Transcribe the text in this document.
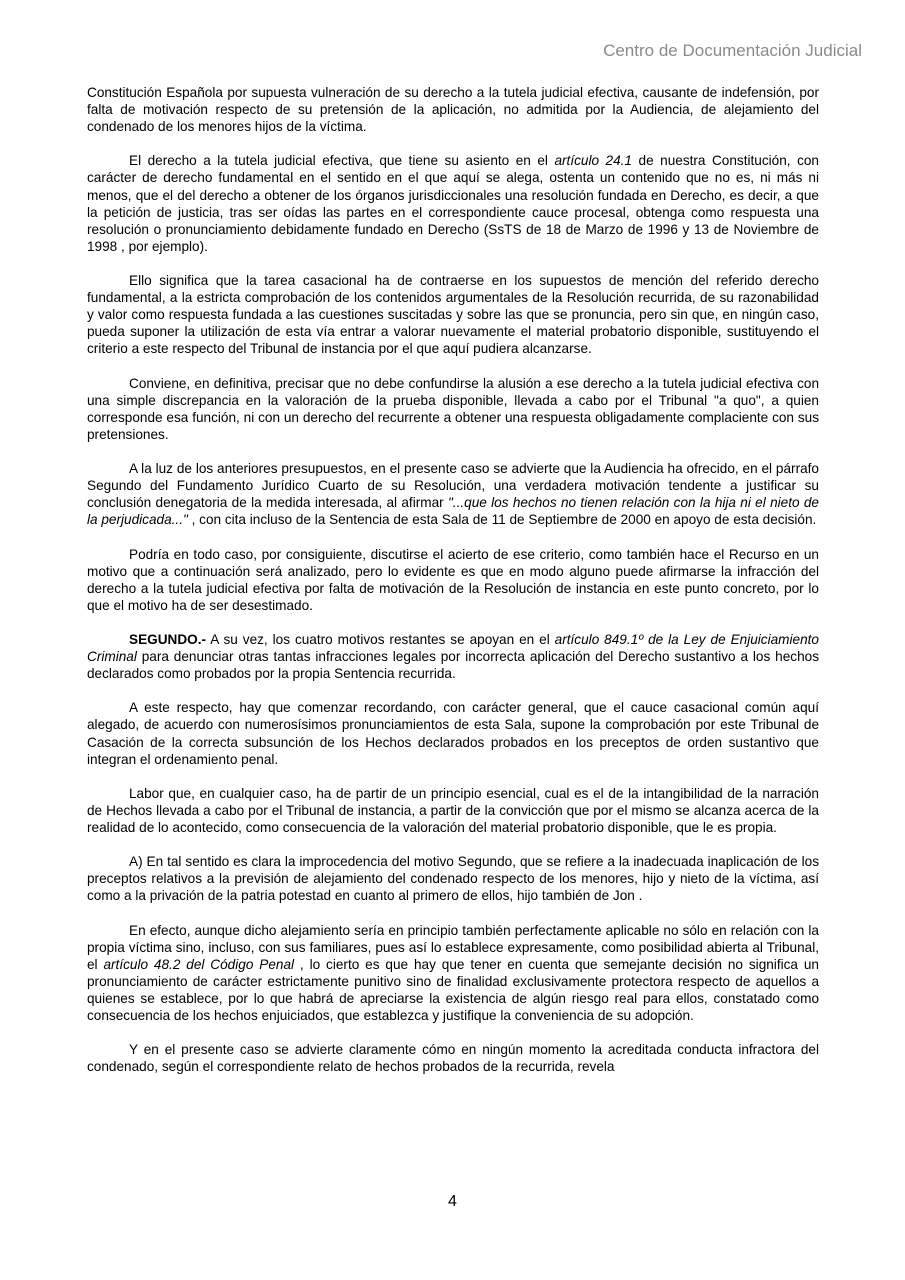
Centro de Documentación Judicial

Constitución Española por supuesta vulneración de su derecho a la tutela judicial efectiva, causante de indefensión, por falta de motivación respecto de su pretensión de la aplicación, no admitida por la Audiencia, de alejamiento del condenado de los menores hijos de la víctima.

El derecho a la tutela judicial efectiva, que tiene su asiento en el artículo 24.1 de nuestra Constitución, con carácter de derecho fundamental en el sentido en el que aquí se alega, ostenta un contenido que no es, ni más ni menos, que el del derecho a obtener de los órganos jurisdiccionales una resolución fundada en Derecho, es decir, a que la petición de justicia, tras ser oídas las partes en el correspondiente cauce procesal, obtenga como respuesta una resolución o pronunciamiento debidamente fundado en Derecho (SsTS de 18 de Marzo de 1996 y 13 de Noviembre de 1998 , por ejemplo).

Ello significa que la tarea casacional ha de contraerse en los supuestos de mención del referido derecho fundamental, a la estricta comprobación de los contenidos argumentales de la Resolución recurrida, de su razonabilidad y valor como respuesta fundada a las cuestiones suscitadas y sobre las que se pronuncia, pero sin que, en ningún caso, pueda suponer la utilización de esta vía entrar a valorar nuevamente el material probatorio disponible, sustituyendo el criterio a este respecto del Tribunal de instancia por el que aquí pudiera alcanzarse.

Conviene, en definitiva, precisar que no debe confundirse la alusión a ese derecho a la tutela judicial efectiva con una simple discrepancia en la valoración de la prueba disponible, llevada a cabo por el Tribunal "a quo", a quien corresponde esa función, ni con un derecho del recurrente a obtener una respuesta obligadamente complaciente con sus pretensiones.

A la luz de los anteriores presupuestos, en el presente caso se advierte que la Audiencia ha ofrecido, en el párrafo Segundo del Fundamento Jurídico Cuarto de su Resolución, una verdadera motivación tendente a justificar su conclusión denegatoria de la medida interesada, al afirmar "...que los hechos no tienen relación con la hija ni el nieto de la perjudicada..." , con cita incluso de la Sentencia de esta Sala de 11 de Septiembre de 2000 en apoyo de esta decisión.

Podría en todo caso, por consiguiente, discutirse el acierto de ese criterio, como también hace el Recurso en un motivo que a continuación será analizado, pero lo evidente es que en modo alguno puede afirmarse la infracción del derecho a la tutela judicial efectiva por falta de motivación de la Resolución de instancia en este punto concreto, por lo que el motivo ha de ser desestimado.

SEGUNDO.- A su vez, los cuatro motivos restantes se apoyan en el artículo 849.1º de la Ley de Enjuiciamiento Criminal para denunciar otras tantas infracciones legales por incorrecta aplicación del Derecho sustantivo a los hechos declarados como probados por la propia Sentencia recurrida.

A este respecto, hay que comenzar recordando, con carácter general, que el cauce casacional común aquí alegado, de acuerdo con numerosísimos pronunciamientos de esta Sala, supone la comprobación por este Tribunal de Casación de la correcta subsunción de los Hechos declarados probados en los preceptos de orden sustantivo que integran el ordenamiento penal.

Labor que, en cualquier caso, ha de partir de un principio esencial, cual es el de la intangibilidad de la narración de Hechos llevada a cabo por el Tribunal de instancia, a partir de la convicción que por el mismo se alcanza acerca de la realidad de lo acontecido, como consecuencia de la valoración del material probatorio disponible, que le es propia.

A) En tal sentido es clara la improcedencia del motivo Segundo, que se refiere a la inadecuada inaplicación de los preceptos relativos a la previsión de alejamiento del condenado respecto de los menores, hijo y nieto de la víctima, así como a la privación de la patria potestad en cuanto al primero de ellos, hijo también de Jon .

En efecto, aunque dicho alejamiento sería en principio también perfectamente aplicable no sólo en relación con la propia víctima sino, incluso, con sus familiares, pues así lo establece expresamente, como posibilidad abierta al Tribunal, el artículo 48.2 del Código Penal , lo cierto es que hay que tener en cuenta que semejante decisión no significa un pronunciamiento de carácter estrictamente punitivo sino de finalidad exclusivamente protectora respecto de aquellos a quienes se establece, por lo que habrá de apreciarse la existencia de algún riesgo real para ellos, constatado como consecuencia de los hechos enjuiciados, que establezca y justifique la conveniencia de su adopción.

Y en el presente caso se advierte claramente cómo en ningún momento la acreditada conducta infractora del condenado, según el correspondiente relato de hechos probados de la recurrida, revela

4
